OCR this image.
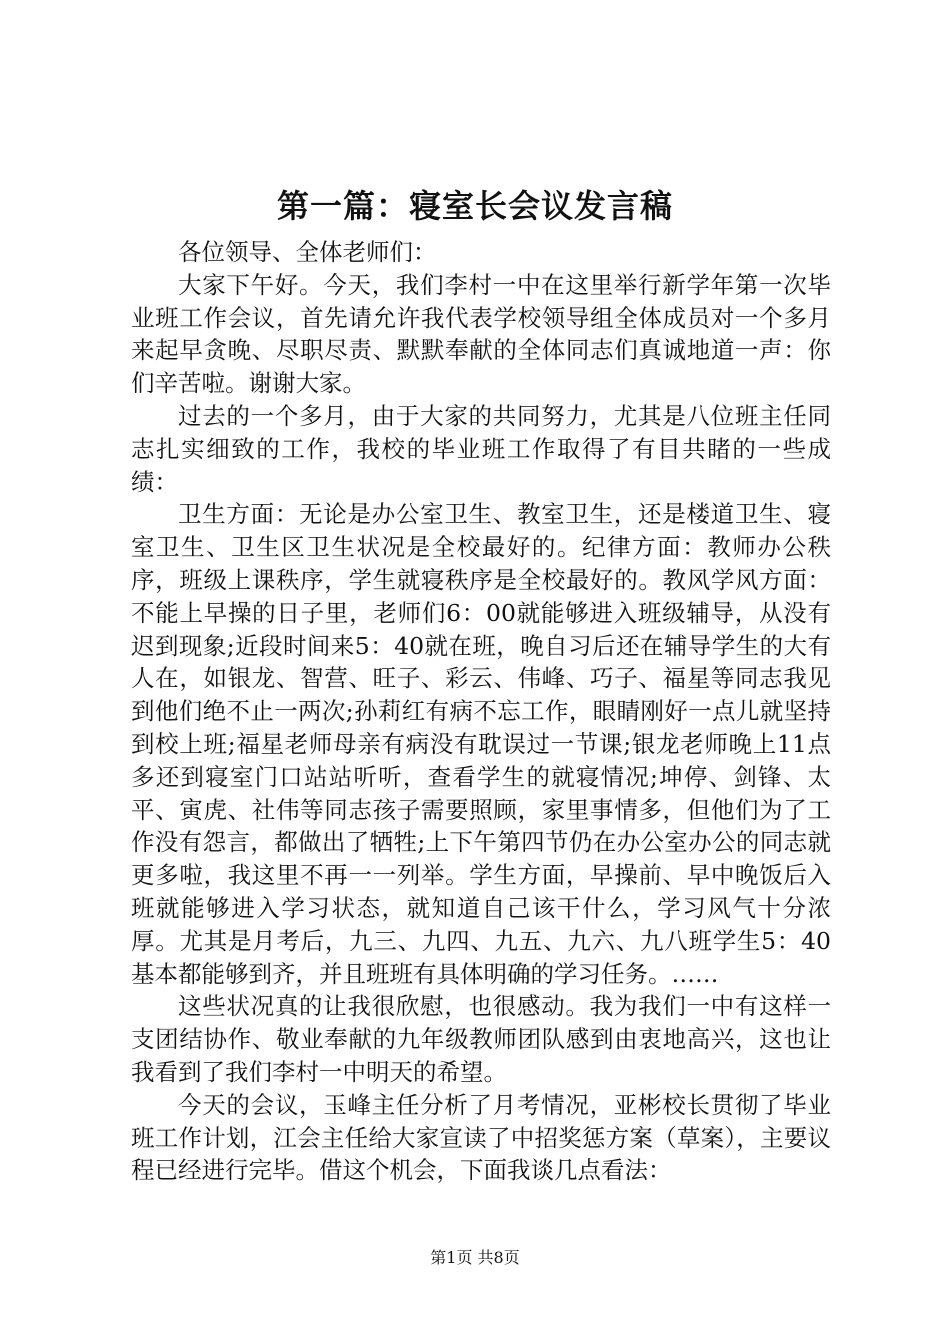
第一篇：寝室长会议发言稿

各位领导、全体老师们：

大家下午好。今天，我们李村一中在这里举行新学年第一次毕业班工作会议，首先请允许我代表学校领导组全体成员对一个多月来起早贪晚、尽职尽责、默默奉献的全体同志们真诚地道一声：你们辛苦啦。谢谢大家。

过去的一个多月，由于大家的共同努力，尤其是八位班主任同志扎实细致的工作，我校的毕业班工作取得了有目共睹的一些成绩：

卫生方面：无论是办公室卫生、教室卫生，还是楼道卫生、寝室卫生、卫生区卫生状况是全校最好的。纪律方面：教师办公秩序，班级上课秩序，学生就寝秩序是全校最好的。教风学风方面：不能上早操的日子里，老师们6：00就能够进入班级辅导，从没有迟到现象;近段时间来5：40就在班，晚自习后还在辅导学生的大有人在，如银龙、智营、旺子、彩云、伟峰、巧子、福星等同志我见到他们绝不止一两次;孙莉红有病不忘工作，眼睛刚好一点儿就坚持到校上班;福星老师母亲有病没有耽误过一节课;银龙老师晚上11点多还到寝室门口站站听听，查看学生的就寝情况;坤停、剑锋、太平、寅虎、社伟等同志孩子需要照顾，家里事情多，但他们为了工作没有怨言，都做出了牺牲;上下午第四节仍在办公室办公的同志就更多啦，我这里不再一一列举。学生方面，早操前、早中晚饭后入班就能够进入学习状态，就知道自己该干什么，学习风气十分浓厚。尤其是月考后，九三、九四、九五、九六、九八班学生5：40基本都能够到齐，并且班班有具体明确的学习任务。……

这些状况真的让我很欣慰，也很感动。我为我们一中有这样一支团结协作、敬业奉献的九年级教师团队感到由衷地高兴，这也让我看到了我们李村一中明天的希望。

今天的会议，玉峰主任分析了月考情况，亚彬校长贯彻了毕业班工作计划，江会主任给大家宣读了中招奖惩方案（草案），主要议程已经进行完毕。借这个机会，下面我谈几点看法：

第1页 共8页
